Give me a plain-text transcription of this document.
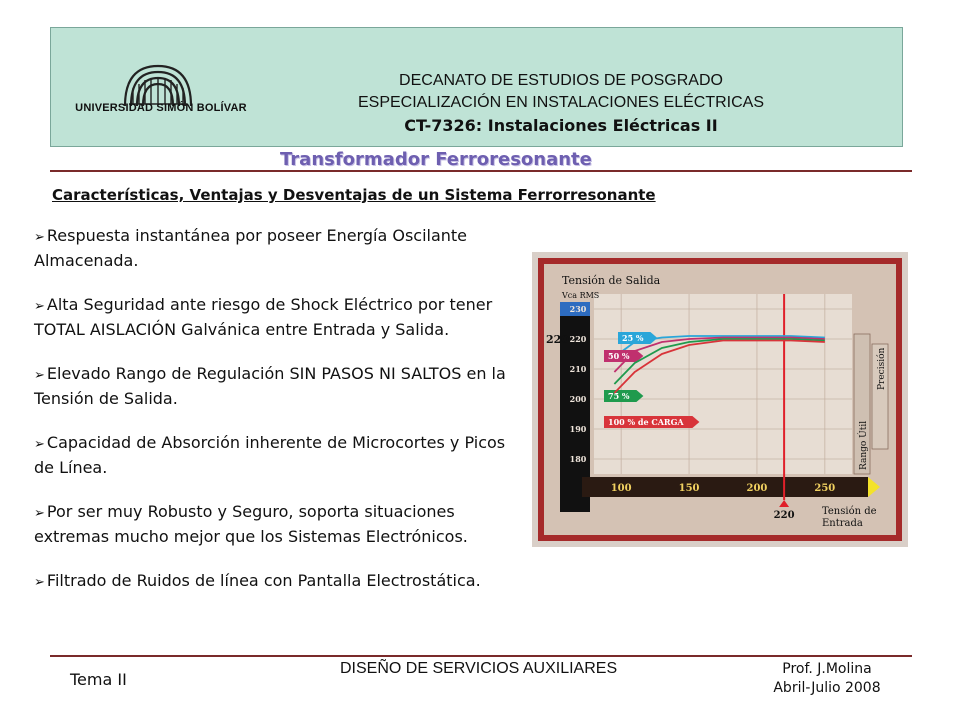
UNIVERSIDAD SIMÓN BOLÍVAR
DECANATO DE ESTUDIOS DE POSGRADO
ESPECIALIZACIÓN EN INSTALACIONES ELÉCTRICAS
CT-7326: Instalaciones Eléctricas II
Transformador Ferroresonante
Características, Ventajas y Desventajas de un Sistema Ferrorresonante
➢ Respuesta instantánea por poseer Energía Oscilante Almacenada.
➢ Alta Seguridad ante riesgo de Shock Eléctrico por tener TOTAL AISLACIÓN Galvánica entre Entrada y Salida.
➢ Elevado Rango de Regulación SIN PASOS NI SALTOS en la Tensión de Salida.
➢ Capacidad de Absorción inherente de Microcortes y Picos de Línea.
➢ Por ser muy Robusto y Seguro, soporta situaciones extremas mucho mejor que los Sistemas Electrónicos.
➢ Filtrado de Ruidos de línea con Pantalla Electrostática.
180
190
200
210
220
230
220
100	150	200	250
220
25 %
50 %
75 %
100 % de CARGA
Tensión de Salida
Vca RMS
Tensión de Entrada
Rango Útil
Precisión
DISEÑO DE SERVICIOS AUXILIARES
Tema II
Prof. J.Molina
Abril-Julio 2008
